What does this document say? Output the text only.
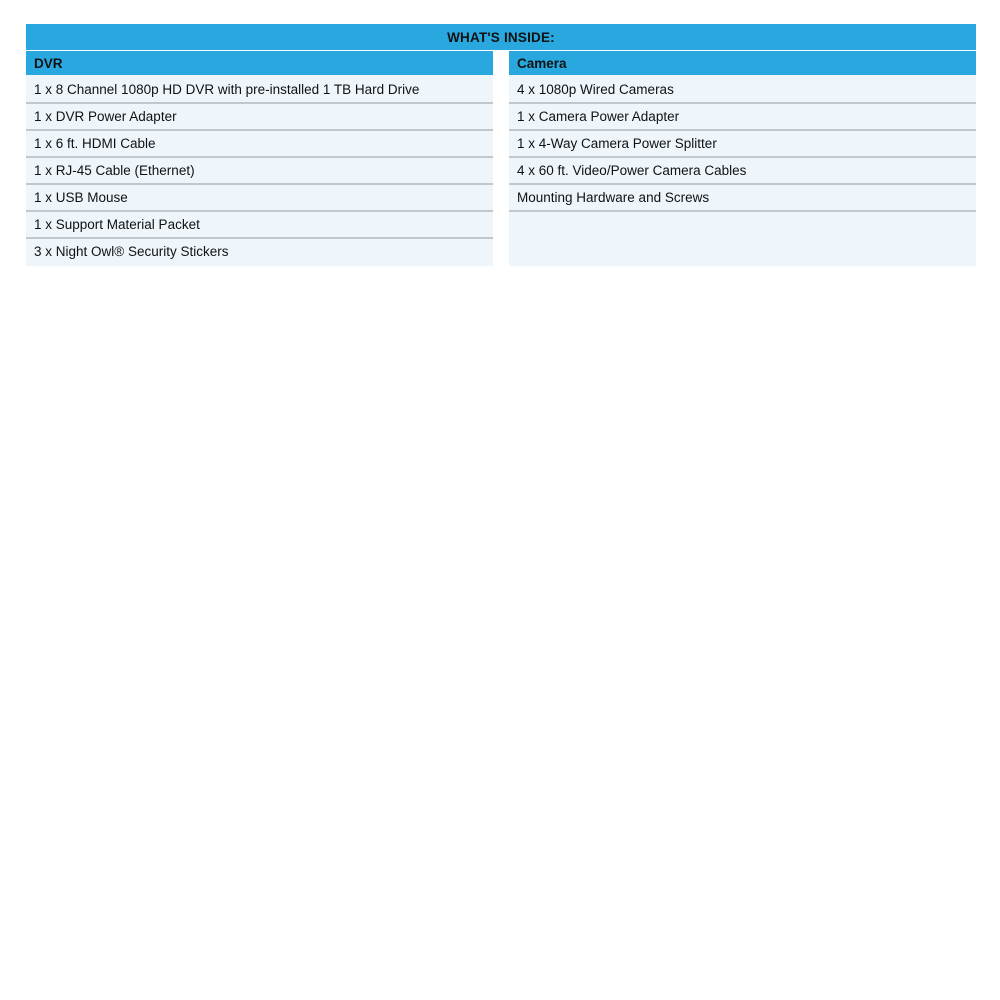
WHAT'S INSIDE:
DVR
1 x 8 Channel 1080p HD DVR with pre-installed 1 TB Hard Drive
1 x DVR Power Adapter
1 x 6 ft. HDMI Cable
1 x RJ-45 Cable (Ethernet)
1 x USB Mouse
1 x Support Material Packet
3 x Night Owl® Security Stickers
Camera
4 x 1080p Wired Cameras
1 x Camera Power Adapter
1 x 4-Way Camera Power Splitter
4 x 60 ft. Video/Power Camera Cables
Mounting Hardware and Screws
